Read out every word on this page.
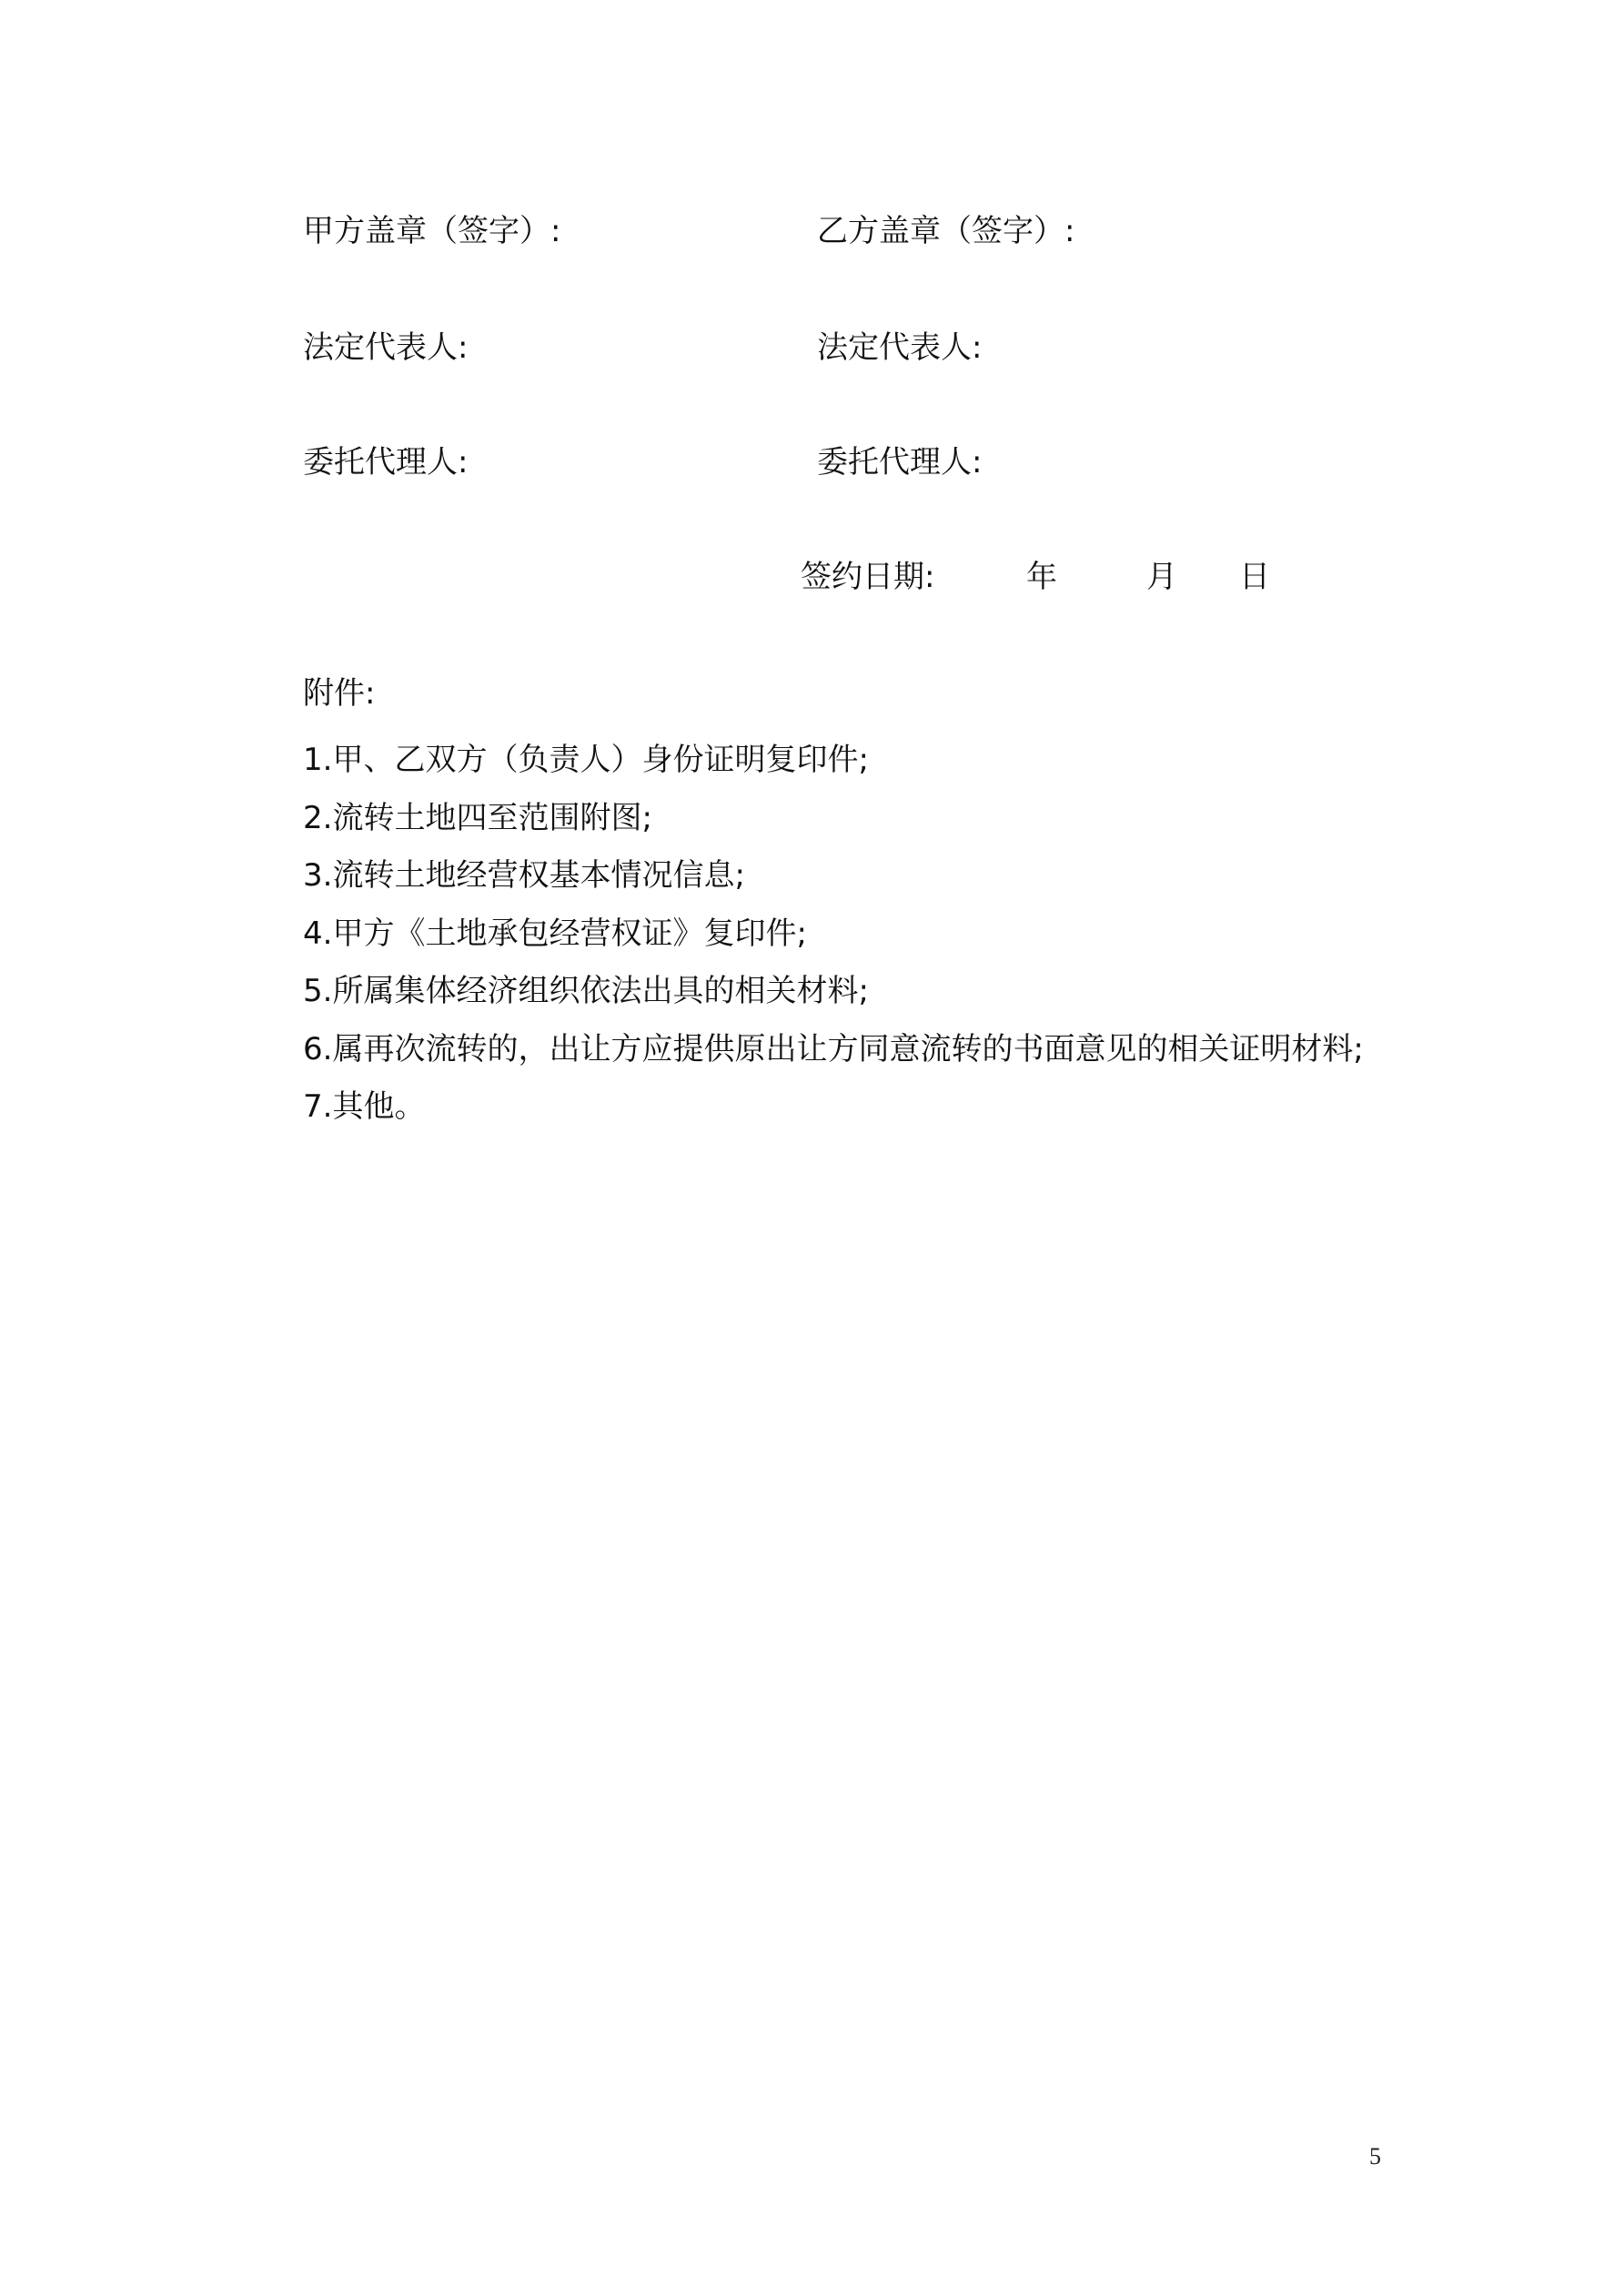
甲方盖章（签字）:	乙方盖章（签字）:
法定代表人:	法定代表人:
委托代理人:	委托代理人:
签约日期:	年	月 日
附件:
1.甲、乙双方（负责人）身份证明复印件;
2.流转土地四至范围附图;
3.流转土地经营权基本情况信息;
4.甲方《土地承包经营权证》复印件;
5.所属集体经济组织依法出具的相关材料;
6.属再次流转的，出让方应提供原出让方同意流转的书面意见的相关证明材料;
7.其他。
5
